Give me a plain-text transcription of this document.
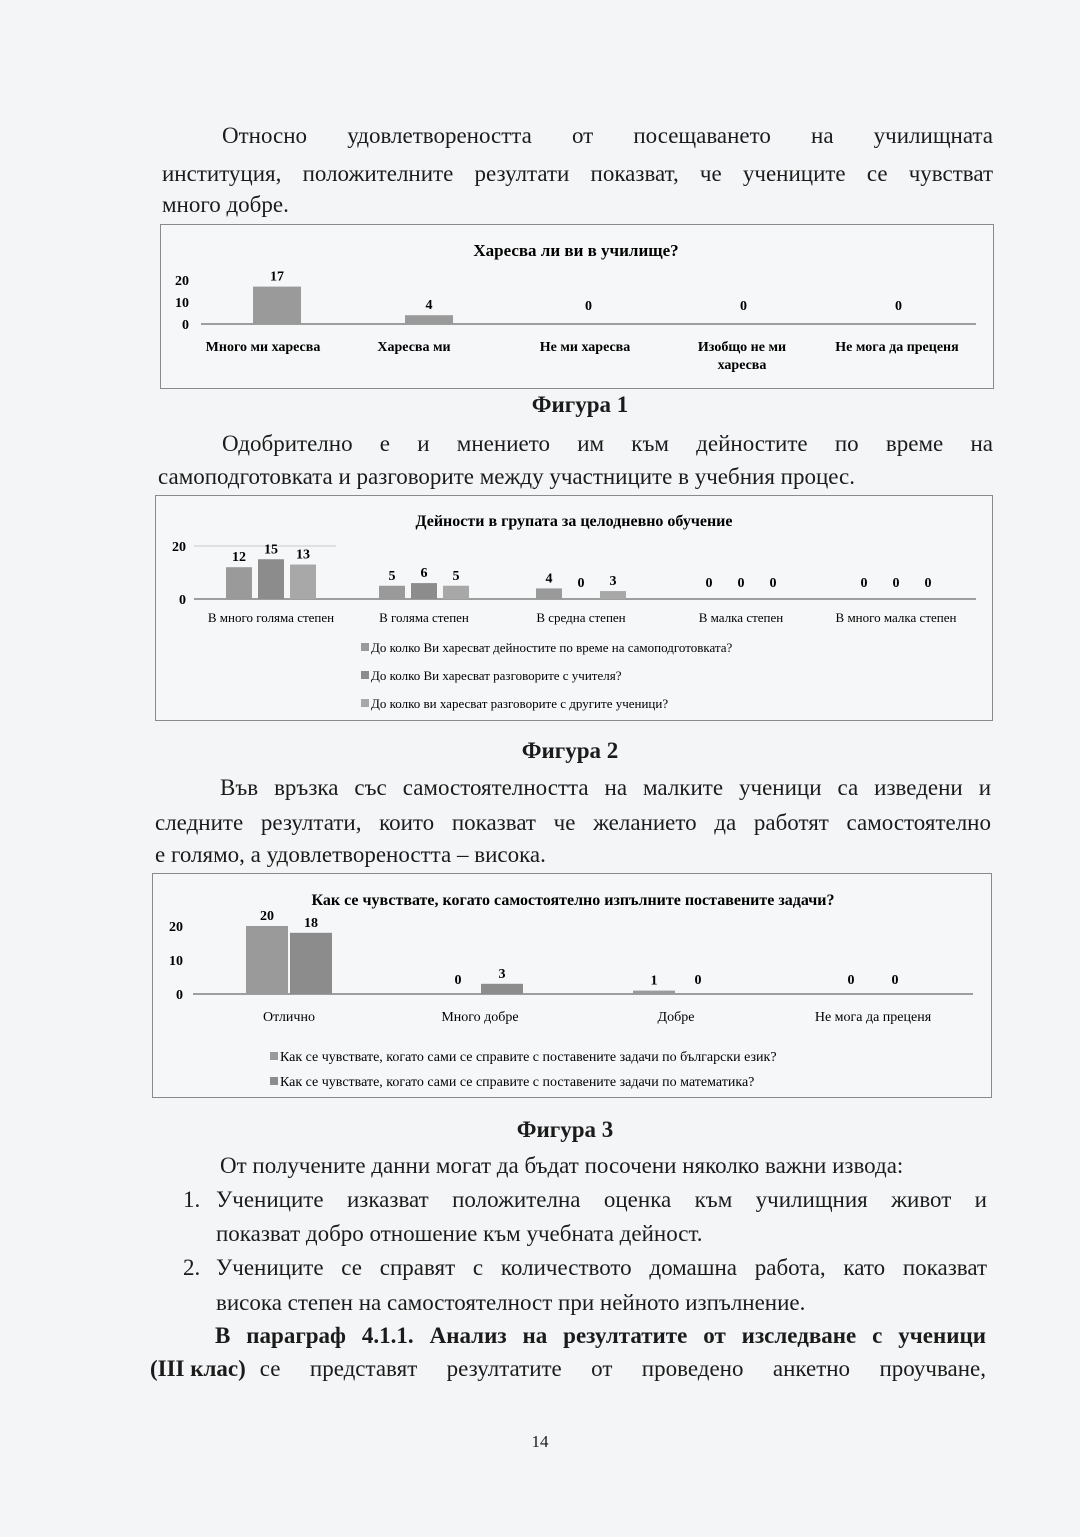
Относно удовлетвореността от посещаването на училищната
институция, положителните резултати показват, че учениците се чувстват
много добре.
Харесва ли ви в училище?
0
10
20	17
4	0	0	0
Много ми харесва	Харесва ми	Не ми харесва	Изобщо не ми
харесва
Не мога да преценя
Фигура 1
Одобрително е и мнението им към дейностите по време на
самоподготовката и разговорите между участниците в учебния процес.
Дейности в групата за целодневно обучение
0
20
12
5	4	0	0
15
6
0	0	0
13
5	3	0	0
В много голяма степен	В голяма степен	В средна степен	В малка степен	В много малка степен
До колко Ви харесват дейностите по време на самоподготовката?
До колко Ви харесват разговорите с учителя?
До колко ви харесват разговорите с другите ученици?
Фигура 2
Във връзка със самостоятелността на малките ученици са изведени и
следните резултати, които показват че желанието да работят самостоятелно
е голямо, а удовлетвореността – висока.
Как се чувствате, когато самостоятелно изпълните поставените задачи?
0
10
20
20
0	1	0
18
3	0	0
Отлично	Много добре	Добре	Не мога да преценя
Как се чувствате, когато сами се справите с поставените задачи по български език?
Как се чувствате, когато сами се справите с поставените задачи по математика?
Фигура 3
От получените данни могат да бъдат посочени няколко важни извода:
1. Учениците изказват положителна оценка към училищния живот и
показват добро отношение към учебната дейност.
2. Учениците се справят с количеството домашна работа, като показват
висока степен на самостоятелност при нейното изпълнение.
В параграф 4.1.1. Анализ на резултатите от изследване с ученици
(III клас) се представят резултатите от проведено анкетно проучване,
14
